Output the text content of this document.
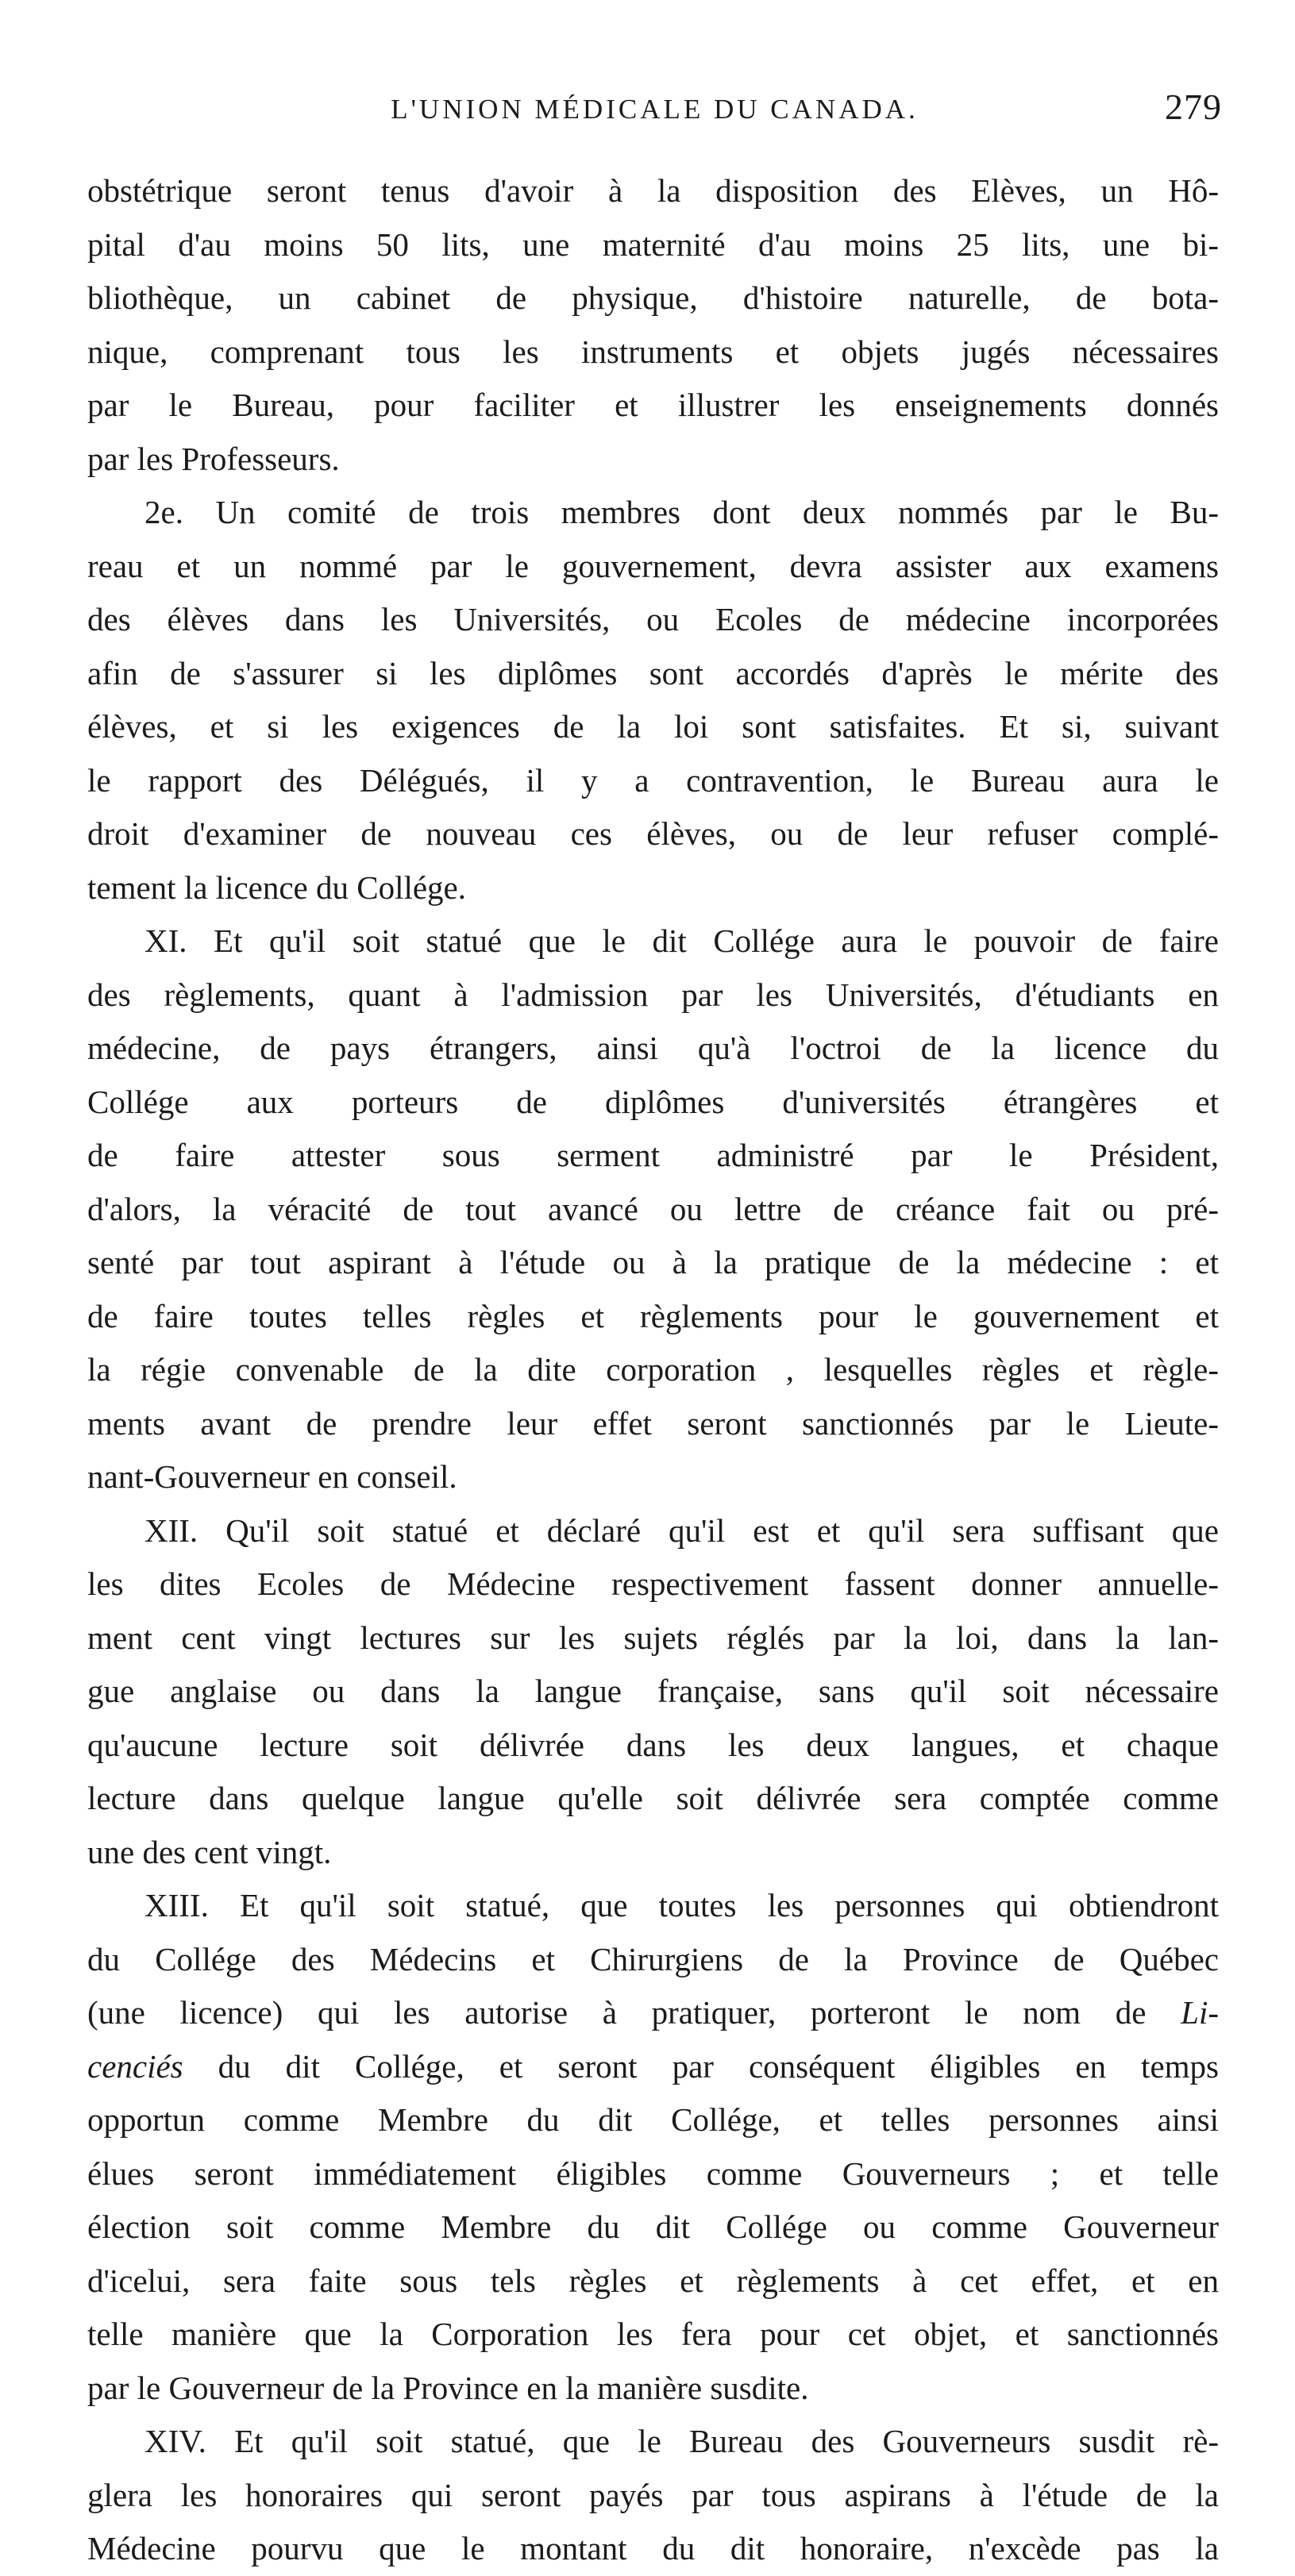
L'UNION MÉDICALE DU CANADA.	279
obstétrique seront tenus d'avoir à la disposition des Elèves, un Hô-
pital d'au moins 50 lits, une maternité d'au moins 25 lits, une bi-
bliothèque, un cabinet de physique, d'histoire naturelle, de bota-
nique, comprenant tous les instruments et objets jugés nécessaires
par le Bureau, pour faciliter et illustrer les enseignements donnés
par les Professeurs.
2e. Un comité de trois membres dont deux nommés par le Bu-
reau et un nommé par le gouvernement, devra assister aux examens
des élèves dans les Universités, ou Ecoles de médecine incorporées
afin de s'assurer si les diplômes sont accordés d'après le mérite des
élèves, et si les exigences de la loi sont satisfaites. Et si, suivant
le rapport des Délégués, il y a contravention, le Bureau aura le
droit d'examiner de nouveau ces élèves, ou de leur refuser complé-
tement la licence du Collége.
XI. Et qu'il soit statué que le dit Collége aura le pouvoir de faire
des règlements, quant à l'admission par les Universités, d'étudiants en
médecine, de pays étrangers, ainsi qu'à l'octroi de la licence du
Collége aux porteurs de diplômes d'universités étrangères et
de faire attester sous serment administré par le Président,
d'alors, la véracité de tout avancé ou lettre de créance fait ou pré-
senté par tout aspirant à l'étude ou à la pratique de la médecine : et
de faire toutes telles règles et règlements pour le gouvernement et
la régie convenable de la dite corporation , lesquelles règles et règle-
ments avant de prendre leur effet seront sanctionnés par le Lieute-
nant-Gouverneur en conseil.
XII. Qu'il soit statué et déclaré qu'il est et qu'il sera suffisant que
les dites Ecoles de Médecine respectivement fassent donner annuelle-
ment cent vingt lectures sur les sujets réglés par la loi, dans la lan-
gue anglaise ou dans la langue française, sans qu'il soit nécessaire
qu'aucune lecture soit délivrée dans les deux langues, et chaque
lecture dans quelque langue qu'elle soit délivrée sera comptée comme
une des cent vingt.
XIII. Et qu'il soit statué, que toutes les personnes qui obtiendront
du Collége des Médecins et Chirurgiens de la Province de Québec
(une licence) qui les autorise à pratiquer, porteront le nom de Li-
cenciés du dit Collége, et seront par conséquent éligibles en temps
opportun comme Membre du dit Collége, et telles personnes ainsi
élues seront immédiatement éligibles comme Gouverneurs ; et telle
élection soit comme Membre du dit Collége ou comme Gouverneur
d'icelui, sera faite sous tels règles et règlements à cet effet, et en
telle manière que la Corporation les fera pour cet objet, et sanctionnés
par le Gouverneur de la Province en la manière susdite.
XIV. Et qu'il soit statué, que le Bureau des Gouverneurs susdit rè-
glera les honoraires qui seront payés par tous aspirans à l'étude de la
Médecine pourvu que le montant du dit honoraire, n'excède pas la
